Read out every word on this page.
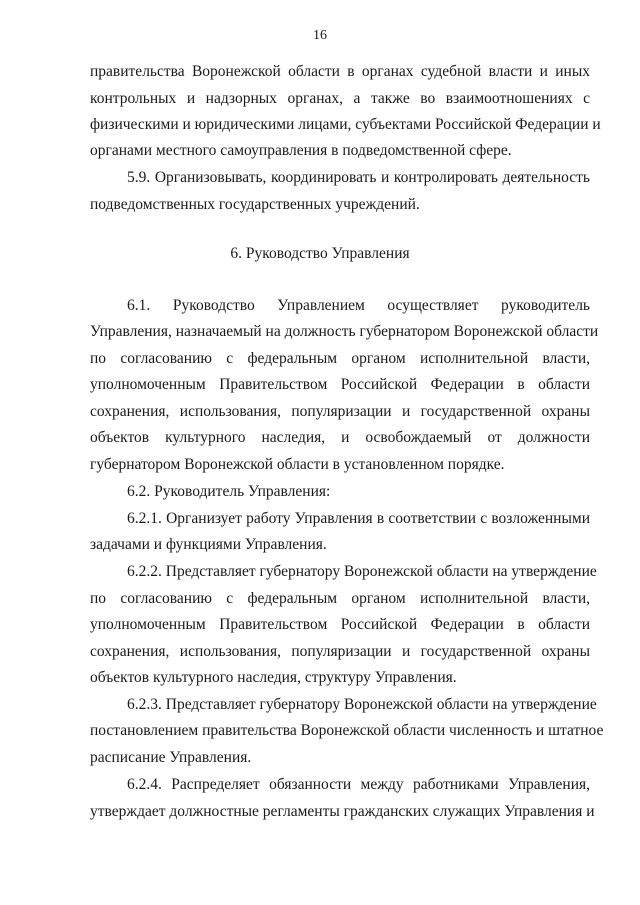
16
правительства Воронежской области в органах судебной власти и иных
контрольных и надзорных органах, а также во взаимоотношениях с
физическими и юридическими лицами, субъектами Российской Федерации и
органами местного самоуправления в подведомственной сфере.
5.9. Организовывать, координировать и контролировать деятельность
подведомственных государственных учреждений.
6. Руководство Управления
6.1. Руководство Управлением осуществляет руководитель
Управления, назначаемый на должность губернатором Воронежской области
по согласованию с федеральным органом исполнительной власти,
уполномоченным Правительством Российской Федерации в области
сохранения, использования, популяризации и государственной охраны
объектов культурного наследия, и освобождаемый от должности
губернатором Воронежской области в установленном порядке.
6.2. Руководитель Управления:
6.2.1. Организует работу Управления в соответствии с возложенными
задачами и функциями Управления.
6.2.2. Представляет губернатору Воронежской области на утверждение
по согласованию с федеральным органом исполнительной власти,
уполномоченным Правительством Российской Федерации в области
сохранения, использования, популяризации и государственной охраны
объектов культурного наследия, структуру Управления.
6.2.3. Представляет губернатору Воронежской области на утверждение
постановлением правительства Воронежской области численность и штатное
расписание Управления.
6.2.4. Распределяет обязанности между работниками Управления,
утверждает должностные регламенты гражданских служащих Управления и
